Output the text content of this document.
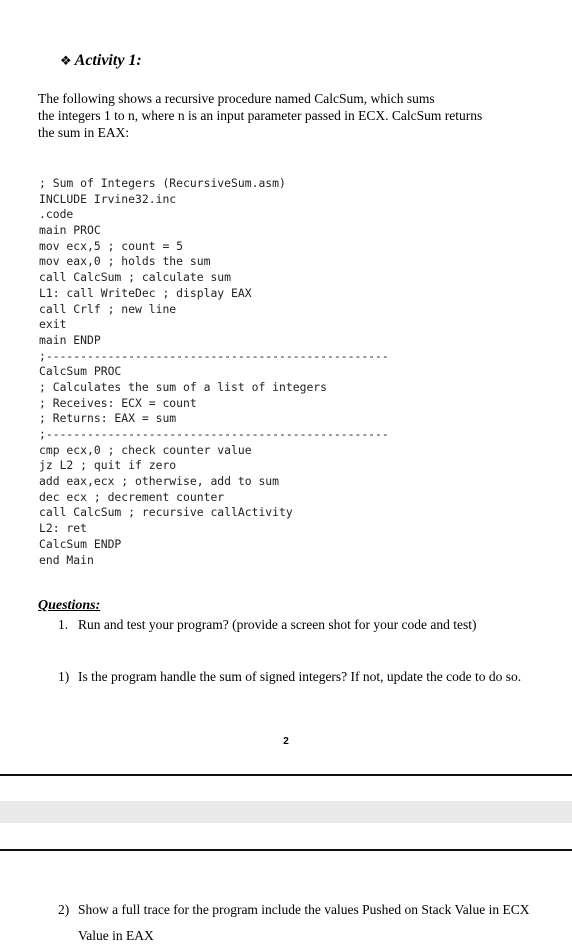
❖ Activity 1:
The following shows a recursive procedure named CalcSum, which sums
the integers 1 to n, where n is an input parameter passed in ECX. CalcSum returns
the sum in EAX:
; Sum of Integers (RecursiveSum.asm)
INCLUDE Irvine32.inc
.code
main PROC
mov ecx,5 ; count = 5
mov eax,0 ; holds the sum
call CalcSum ; calculate sum
L1: call WriteDec ; display EAX
call Crlf ; new line
exit
main ENDP
;--------------------------------------------------
CalcSum PROC
; Calculates the sum of a list of integers
; Receives: ECX = count
; Returns: EAX = sum
;--------------------------------------------------
cmp ecx,0 ; check counter value
jz L2 ; quit if zero
add eax,ecx ; otherwise, add to sum
dec ecx ; decrement counter
call CalcSum ; recursive callActivity
L2: ret
CalcSum ENDP
end Main
Questions:
1. Run and test your program? (provide a screen shot for your code and test)
1) Is the program handle the sum of signed integers? If not, update the code to do so.
2
2) Show a full trace for the program include the values Pushed on Stack Value in ECX Value in EAX
